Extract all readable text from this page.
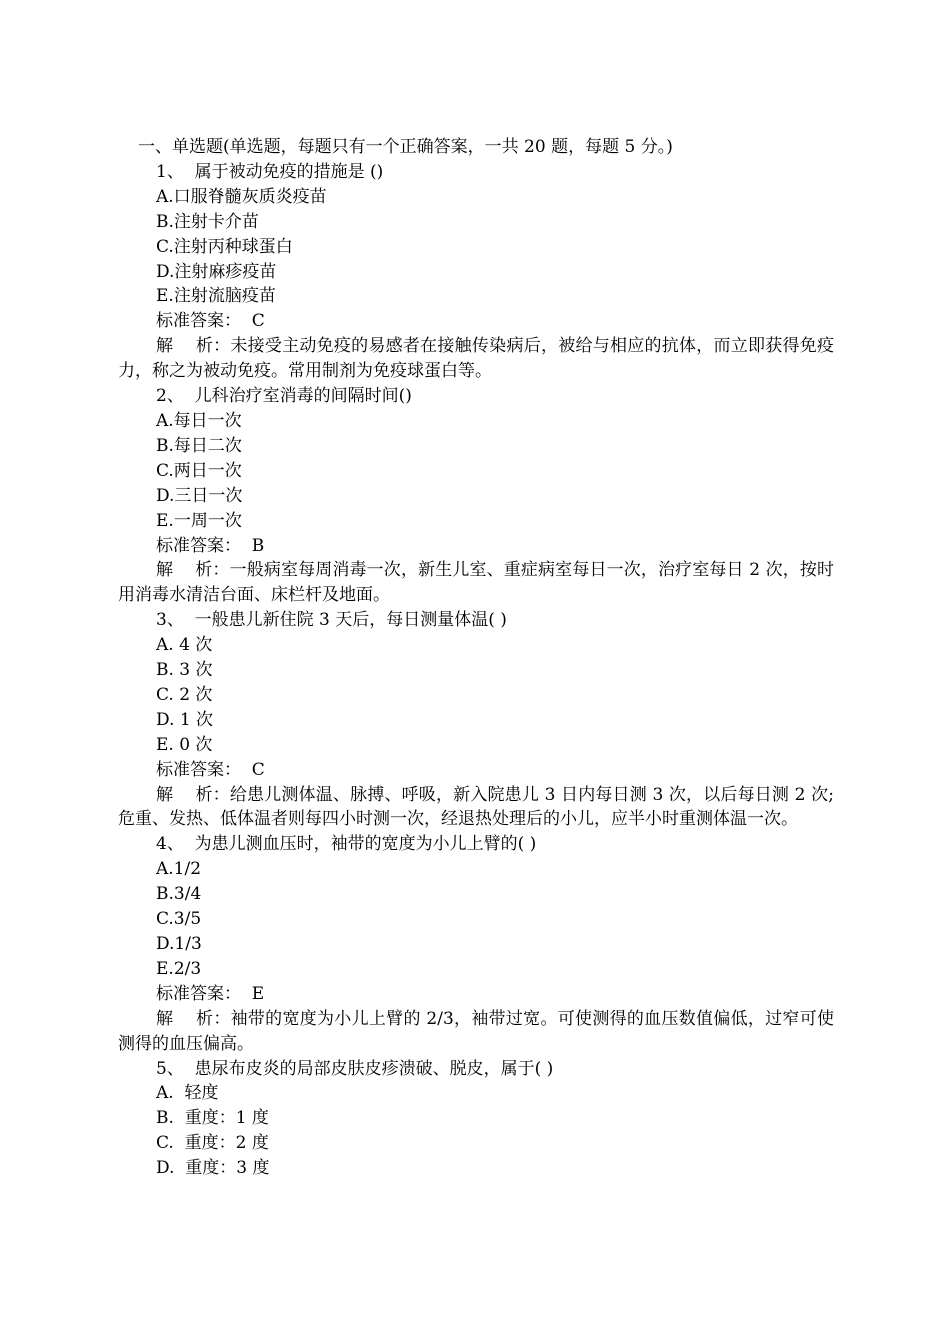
一、单选题(单选题，每题只有一个正确答案，一共 20 题，每题 5 分。)
1、  属于被动免疫的措施是 ()
A.口服脊髓灰质炎疫苗
B.注射卡介苗
C.注射丙种球蛋白
D.注射麻疹疫苗
E.注射流脑疫苗
标准答案：  C
解    析：未接受主动免疫的易感者在接触传染病后，被给与相应的抗体，而立即获得免疫力，称之为被动免疫。常用制剂为免疫球蛋白等。
2、  儿科治疗室消毒的间隔时间()
A.每日一次
B.每日二次
C.两日一次
D.三日一次
E.一周一次
标准答案：  B
解    析：一般病室每周消毒一次，新生儿室、重症病室每日一次，治疗室每日 2 次，按时用消毒水清洁台面、床栏杆及地面。
3、  一般患儿新住院 3 天后，每日测量体温( )
A. 4 次
B. 3 次
C. 2 次
D. 1 次
E. 0 次
标准答案：  C
解    析：给患儿测体温、脉搏、呼吸，新入院患儿 3 日内每日测 3 次，以后每日测 2 次;危重、发热、低体温者则每四小时测一次，经退热处理后的小儿，应半小时重测体温一次。
4、  为患儿测血压时，袖带的宽度为小儿上臂的( )
A.1/2
B.3/4
C.3/5
D.1/3
E.2/3
标准答案：  E
解    析：袖带的宽度为小儿上臂的 2/3，袖带过宽。可使测得的血压数值偏低，过窄可使测得的血压偏高。
5、  患尿布皮炎的局部皮肤皮疹溃破、脱皮，属于( )
A.  轻度
B.  重度：1 度
C.  重度：2 度
D.  重度：3 度
